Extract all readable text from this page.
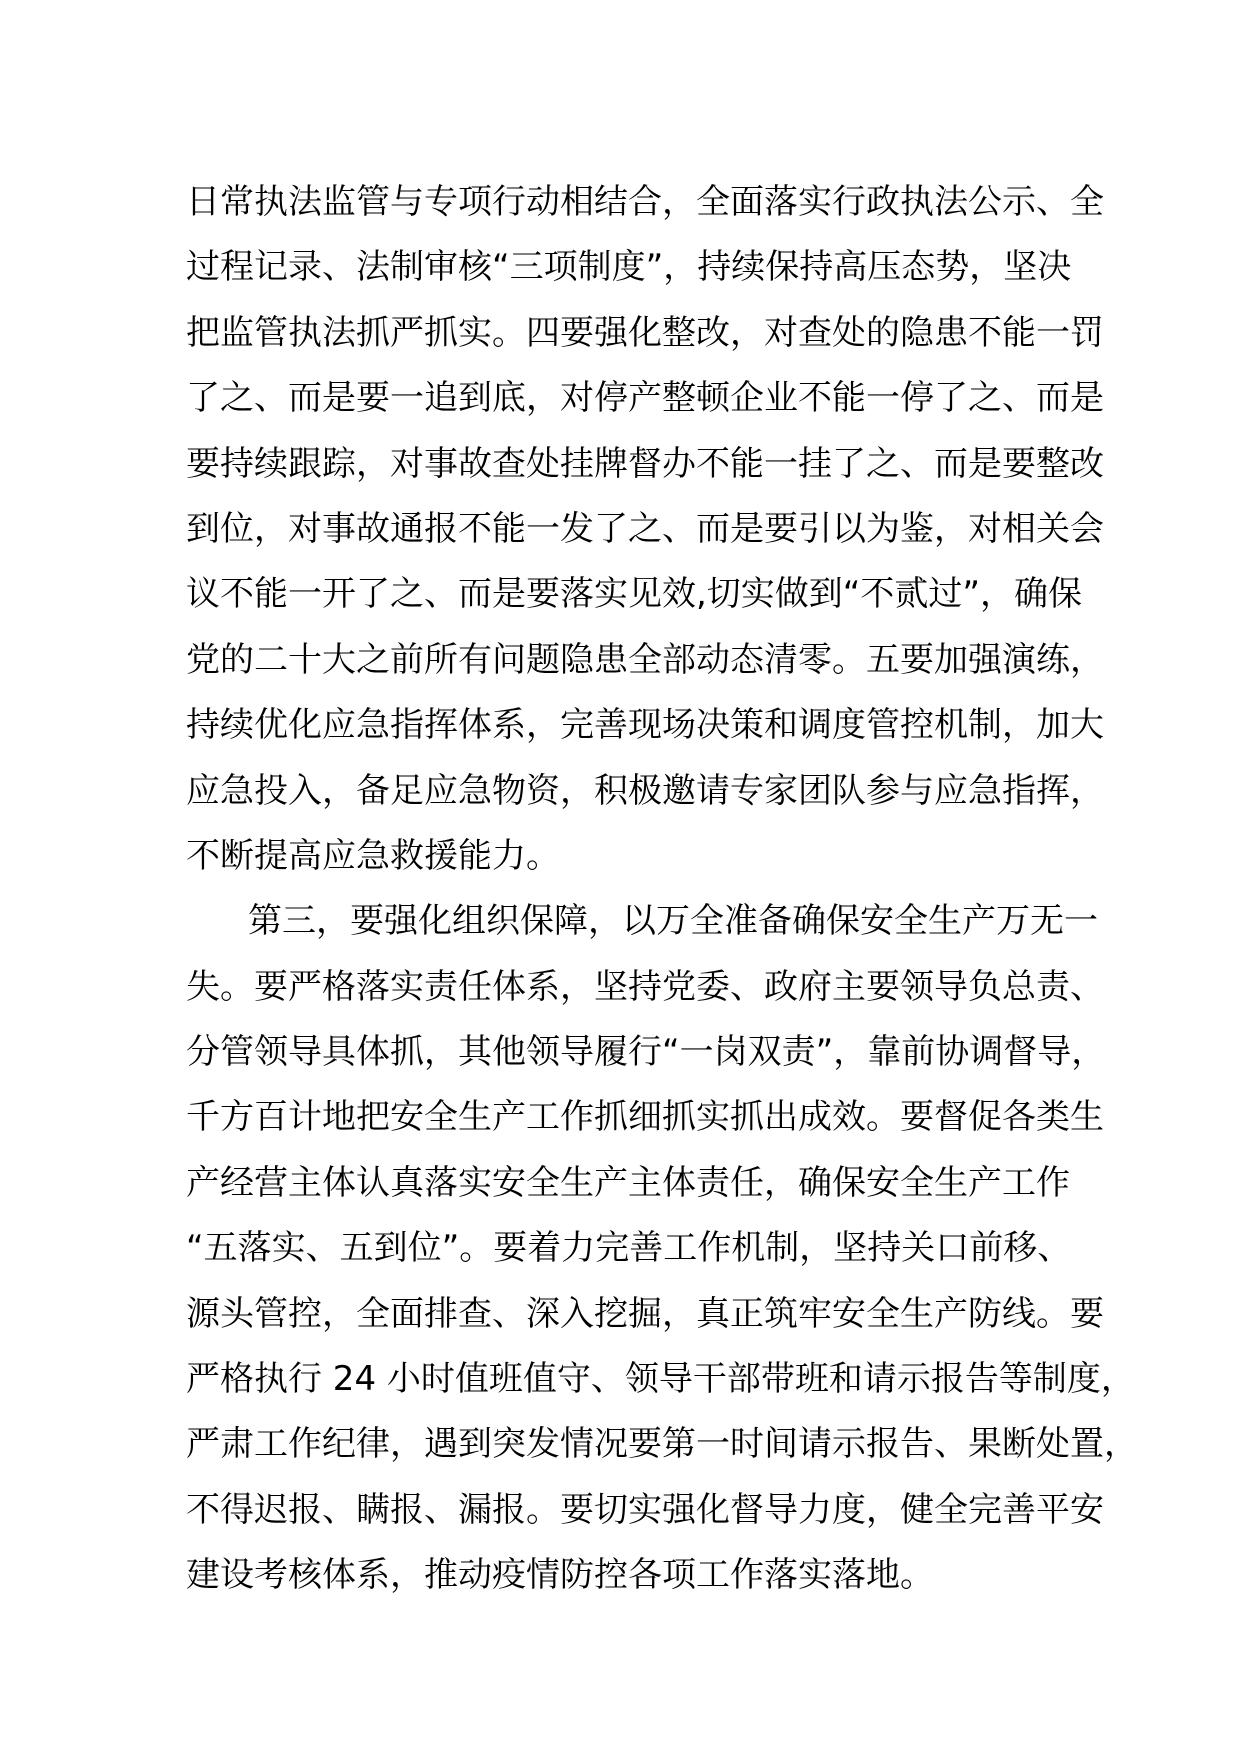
日常执法监管与专项行动相结合，全面落实行政执法公示、全
过程记录、法制审核“三项制度”，持续保持高压态势，坚决
把监管执法抓严抓实。四要强化整改，对查处的隐患不能一罚
了之、而是要一追到底，对停产整顿企业不能一停了之、而是
要持续跟踪，对事故查处挂牌督办不能一挂了之、而是要整改
到位，对事故通报不能一发了之、而是要引以为鉴，对相关会
议不能一开了之、而是要落实见效,切实做到“不贰过”，确保
党的二十大之前所有问题隐患全部动态清零。五要加强演练，
持续优化应急指挥体系，完善现场决策和调度管控机制，加大
应急投入，备足应急物资，积极邀请专家团队参与应急指挥，
不断提高应急救援能力。
第三，要强化组织保障，以万全准备确保安全生产万无一
失。要严格落实责任体系，坚持党委、政府主要领导负总责、
分管领导具体抓，其他领导履行“一岗双责”，靠前协调督导，
千方百计地把安全生产工作抓细抓实抓出成效。要督促各类生
产经营主体认真落实安全生产主体责任，确保安全生产工作
“五落实、五到位”。要着力完善工作机制，坚持关口前移、
源头管控，全面排查、深入挖掘，真正筑牢安全生产防线。要
严格执行 24 小时值班值守、领导干部带班和请示报告等制度，
严肃工作纪律，遇到突发情况要第一时间请示报告、果断处置，
不得迟报、瞒报、漏报。要切实强化督导力度，健全完善平安
建设考核体系，推动疫情防控各项工作落实落地。
